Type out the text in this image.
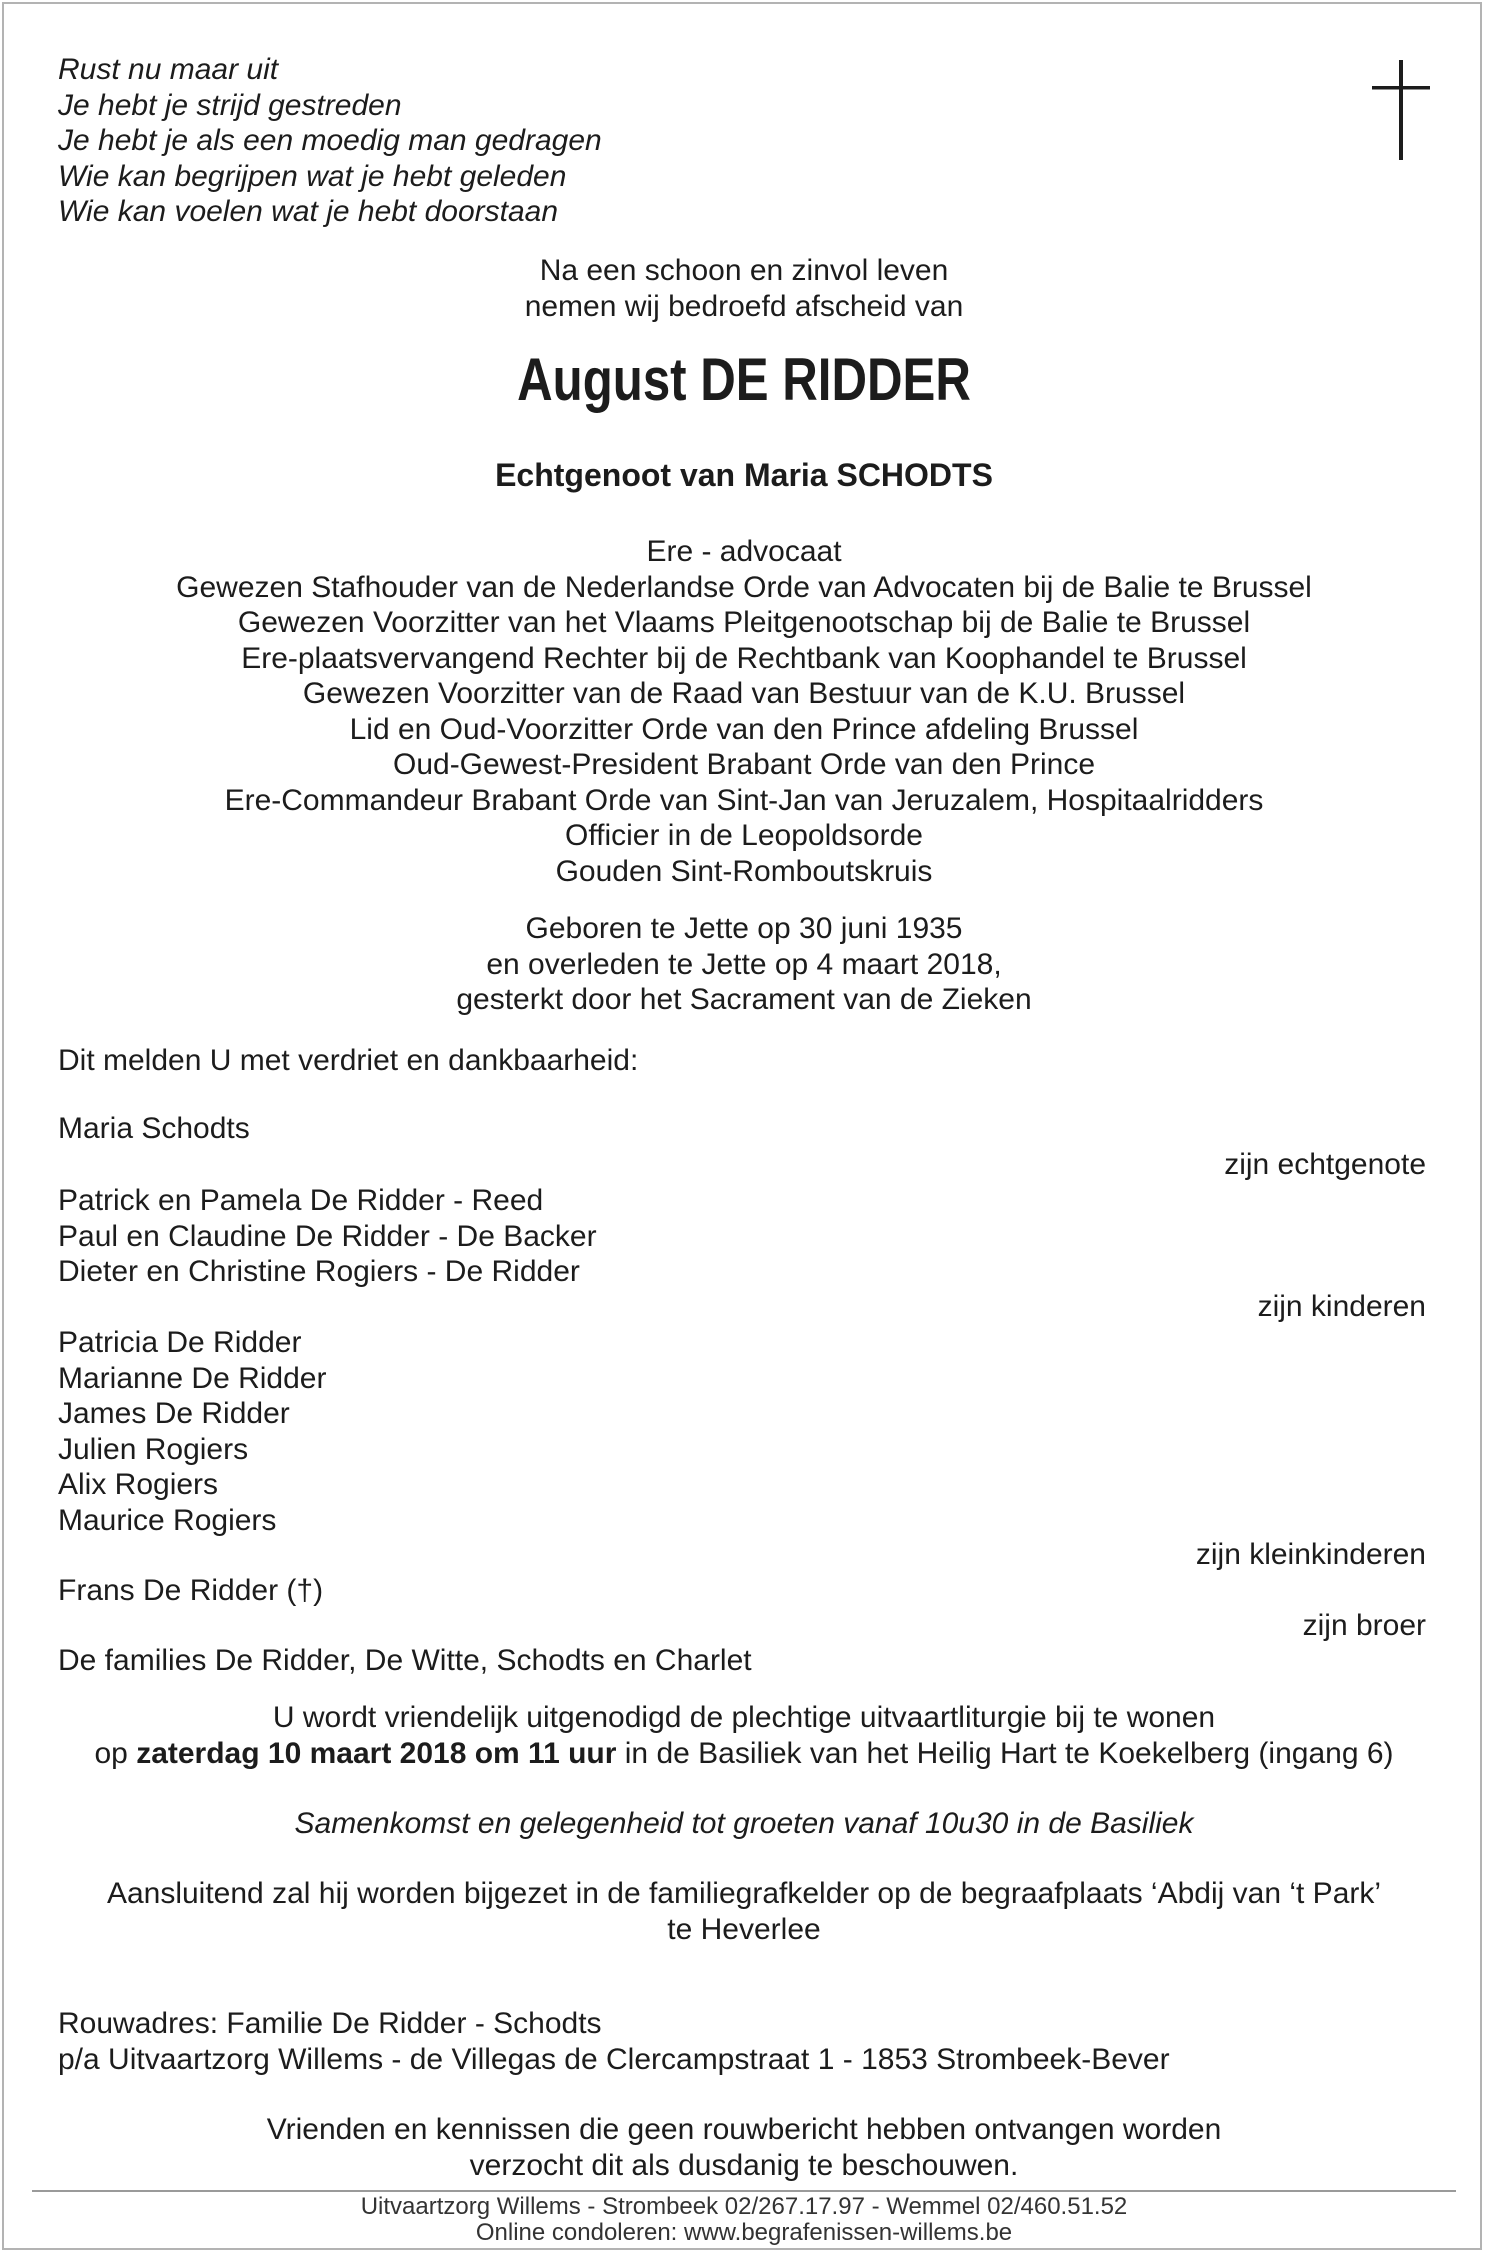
Rust nu maar uit
Je hebt je strijd gestreden
Je hebt je als een moedig man gedragen
Wie kan begrijpen wat je hebt geleden
Wie kan voelen wat je hebt doorstaan
Na een schoon en zinvol leven
nemen wij bedroefd afscheid van
August DE RIDDER
Echtgenoot van Maria SCHODTS
Ere - advocaat
Gewezen Stafhouder van de Nederlandse Orde van Advocaten bij de Balie te Brussel
Gewezen Voorzitter van het Vlaams Pleitgenootschap bij de Balie te Brussel
Ere-plaatsvervangend Rechter bij de Rechtbank van Koophandel te Brussel
Gewezen Voorzitter van de Raad van Bestuur van de K.U. Brussel
Lid en Oud-Voorzitter Orde van den Prince afdeling Brussel
Oud-Gewest-President Brabant Orde van den Prince
Ere-Commandeur Brabant Orde van Sint-Jan van Jeruzalem, Hospitaalridders
Officier in de Leopoldsorde
Gouden Sint-Romboutskruis
Geboren te Jette op 30 juni 1935
en overleden te Jette op 4 maart 2018,
gesterkt door het Sacrament van de Zieken
Dit melden U met verdriet en dankbaarheid:
Maria Schodts
zijn echtgenote
Patrick en Pamela De Ridder - Reed
Paul en Claudine De Ridder - De Backer
Dieter en Christine Rogiers - De Ridder
zijn kinderen
Patricia De Ridder
Marianne De Ridder
James De Ridder
Julien Rogiers
Alix Rogiers
Maurice Rogiers
zijn kleinkinderen
Frans De Ridder (†)
zijn broer
De families De Ridder, De Witte, Schodts en Charlet
U wordt vriendelijk uitgenodigd de plechtige uitvaartliturgie bij te wonen
op zaterdag 10 maart 2018 om 11 uur in de Basiliek van het Heilig Hart te Koekelberg (ingang 6)
Samenkomst en gelegenheid tot groeten vanaf 10u30 in de Basiliek
Aansluitend zal hij worden bijgezet in de familiegrafkelder op de begraafplaats ‘Abdij van ‘t Park’
te Heverlee
Rouwadres: Familie De Ridder - Schodts
p/a Uitvaartzorg Willems - de Villegas de Clercampstraat 1 - 1853 Strombeek-Bever
Vrienden en kennissen die geen rouwbericht hebben ontvangen worden
verzocht dit als dusdanig te beschouwen.
Uitvaartzorg Willems - Strombeek 02/267.17.97 - Wemmel 02/460.51.52
Online condoleren: www.begrafenissen-willems.be
